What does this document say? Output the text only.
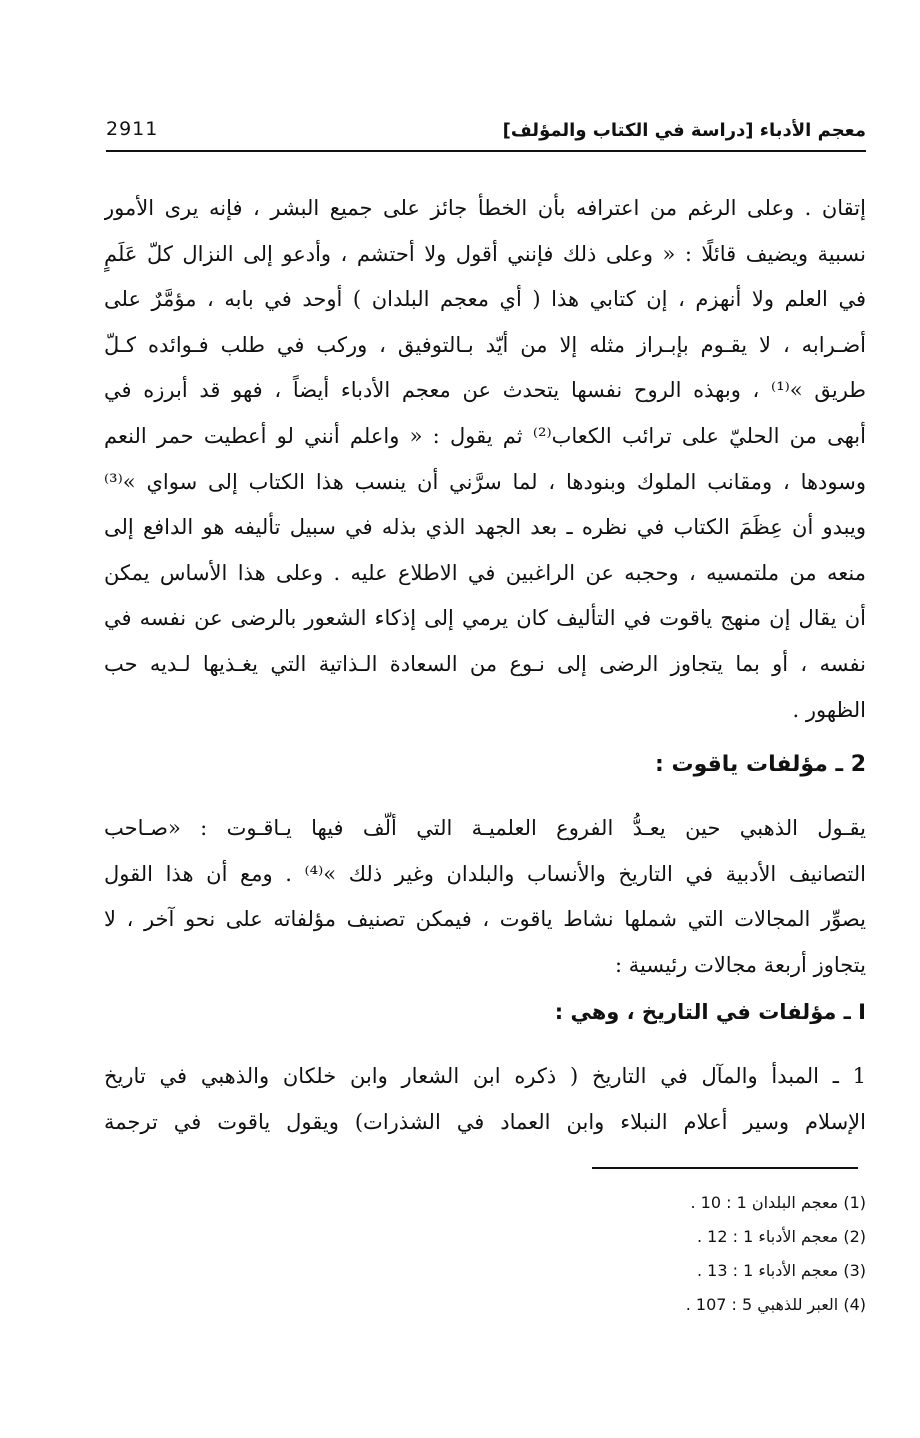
2911	معجم الأدباء [دراسة في الكتاب والمؤلف]
إتقان . وعلى الرغم من اعترافه بأن الخطأ جائز على جميع البشر ، فإنه يرى الأمور
نسبية ويضيف قائلًا : « وعلى ذلك فإنني أقول ولا أحتشم ، وأدعو إلى النزال كلّ عَلَمٍ
في العلم ولا أنهزم ، إن كتابي هذا ( أي معجم البلدان ) أوحد في بابه ، مؤمَّرٌ على
أضـرابه ، لا يقـوم بإبـراز مثله إلا من أيّد بـالتوفيق ، وركب في طلب فـوائده كـلّ
طريق »⁽¹⁾ ، وبهذه الروح نفسها يتحدث عن معجم الأدباء أيضاً ، فهو قد أبرزه في
أبهى من الحليّ على ترائب الكعاب⁽²⁾ ثم يقول : « واعلم أنني لو أعطيت حمر النعم
وسودها ، ومقانب الملوك وبنودها ، لما سرَّني أن ينسب هذا الكتاب إلى سواي »⁽³⁾
ويبدو أن عِظَمَ الكتاب في نظره ـ بعد الجهد الذي بذله في سبيل تأليفه هو الدافع إلى
منعه من ملتمسيه ، وحجبه عن الراغبين في الاطلاع عليه . وعلى هذا الأساس يمكن
أن يقال إن منهج ياقوت في التأليف كان يرمي إلى إذكاء الشعور بالرضى عن نفسه في
نفسه ، أو بما يتجاوز الرضى إلى نـوع من السعادة الـذاتية التي يغـذيها لـديه حب
الظهور .
2 ـ مؤلفات ياقوت :
يقـول الذهبي حين يعـدُّ الفروع العلميـة التي ألّف فيها يـاقـوت : «صـاحب
التصانيف الأدبية في التاريخ والأنساب والبلدان وغير ذلك »⁽⁴⁾ . ومع أن هذا القول
يصوِّر المجالات التي شملها نشاط ياقوت ، فيمكن تصنيف مؤلفاته على نحو آخر ، لا
يتجاوز أربعة مجالات رئيسية :
I ـ مؤلفات في التاريخ ، وهي :
1 ـ المبدأ والمآل في التاريخ ( ذكره ابن الشعار وابن خلكان والذهبي في تاريخ
الإسلام وسير أعلام النبلاء وابن العماد في الشذرات) ويقول ياقوت في ترجمة
(1) معجم البلدان 1 : 10 .
(2) معجم الأدباء 1 : 12 .
(3) معجم الأدباء 1 : 13 .
(4) العبر للذهبي 5 : 107 .
